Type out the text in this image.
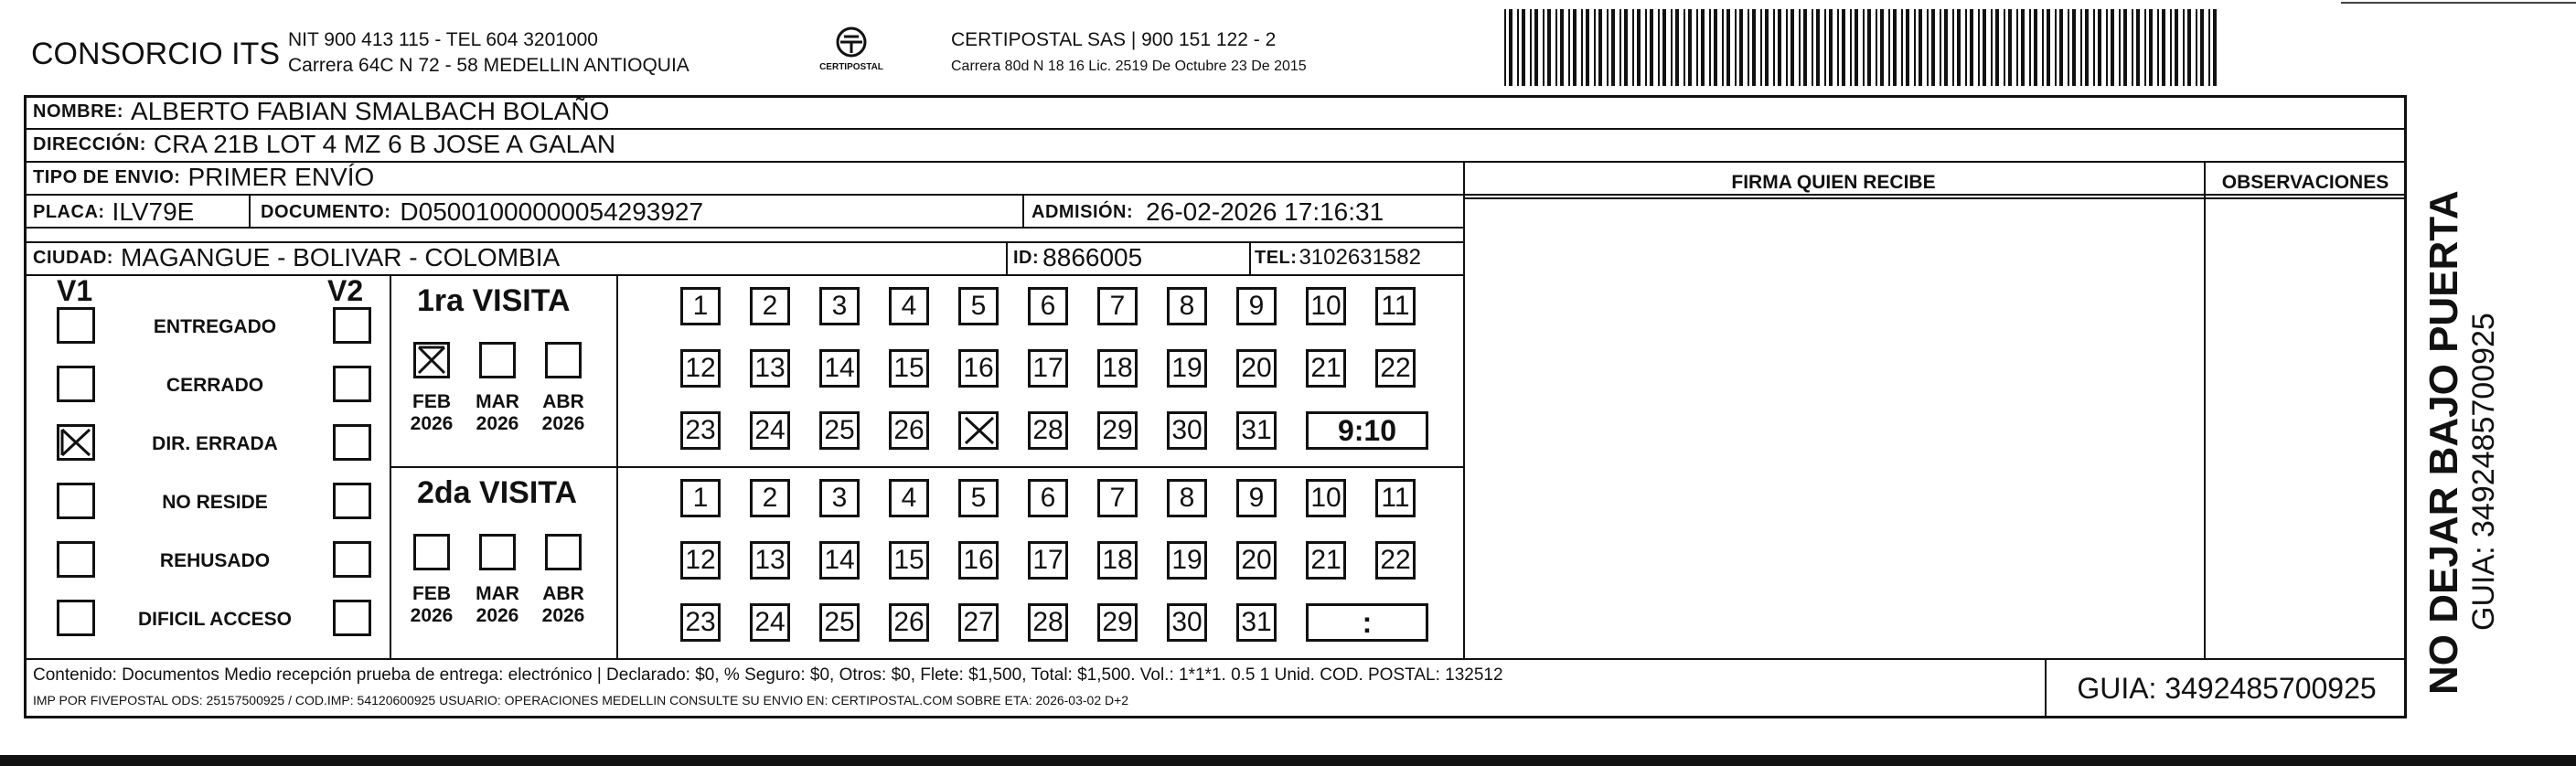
CONSORCIO ITS NIT 900 413 115 - TEL 604 3201000
Carrera 64C N 72 - 58 MEDELLIN ANTIOQUIA	CERTIPOSTAL
CERTIPOSTAL SAS | 900 151 122 - 2
Carrera 80d N 18 16 Lic. 2519 De Octubre 23 De 2015
NOMBRE: ALBERTO FABIAN SMALBACH BOLAÑO
DIRECCIÓN: CRA 21B LOT 4 MZ 6 B JOSE A GALAN
TIPO DE ENVIO: PRIMER ENVÍO	FIRMA QUIEN RECIBE	OBSERVACIONES
PLACA: ILV79E	DOCUMENTO: D05001000000054293927	ADMISIÓN: 26-02-2026 17:16:31
CIUDAD: MAGANGUE - BOLIVAR - COLOMBIA	ID: 8866005	TEL: 3102631582
V1	V2
ENTREGADO
CERRADO
DIR. ERRADA
NO RESIDE
REHUSADO
DIFICIL ACCESO
1ra VISITA
FEB
2026
MAR
2026
ABR
2026
1 2 3 4 5 6 7 8 9 10 11
12 13 14 15 16 17 18 19 20 21 22
23 24 25 26	28 29 30 31 9:10
2da VISITA
FEB
2026
MAR
2026
ABR
2026
1 2 3 4 5 6 7 8 9 10 11
12 13 14 15 16 17 18 19 20 21 22
23 24 25 26 27 28 29 30 31	:
Contenido: Documentos Medio recepción prueba de entrega: electrónico | Declarado: $0, % Seguro: $0, Otros: $0, Flete: $1,500, Total: $1,500. Vol.: 1*1*1. 0.5 1 Unid. COD. POSTAL: 132512
IMP POR FIVEPOSTAL ODS: 25157500925 / COD.IMP: 54120600925 USUARIO: OPERACIONES MEDELLIN CONSULTE SU ENVIO EN: CERTIPOSTAL.COM SOBRE ETA: 2026-03-02 D+2	GUIA: 3492485700925 NO DEJAR BAJO PUERTA GUIA: 3492485700925
